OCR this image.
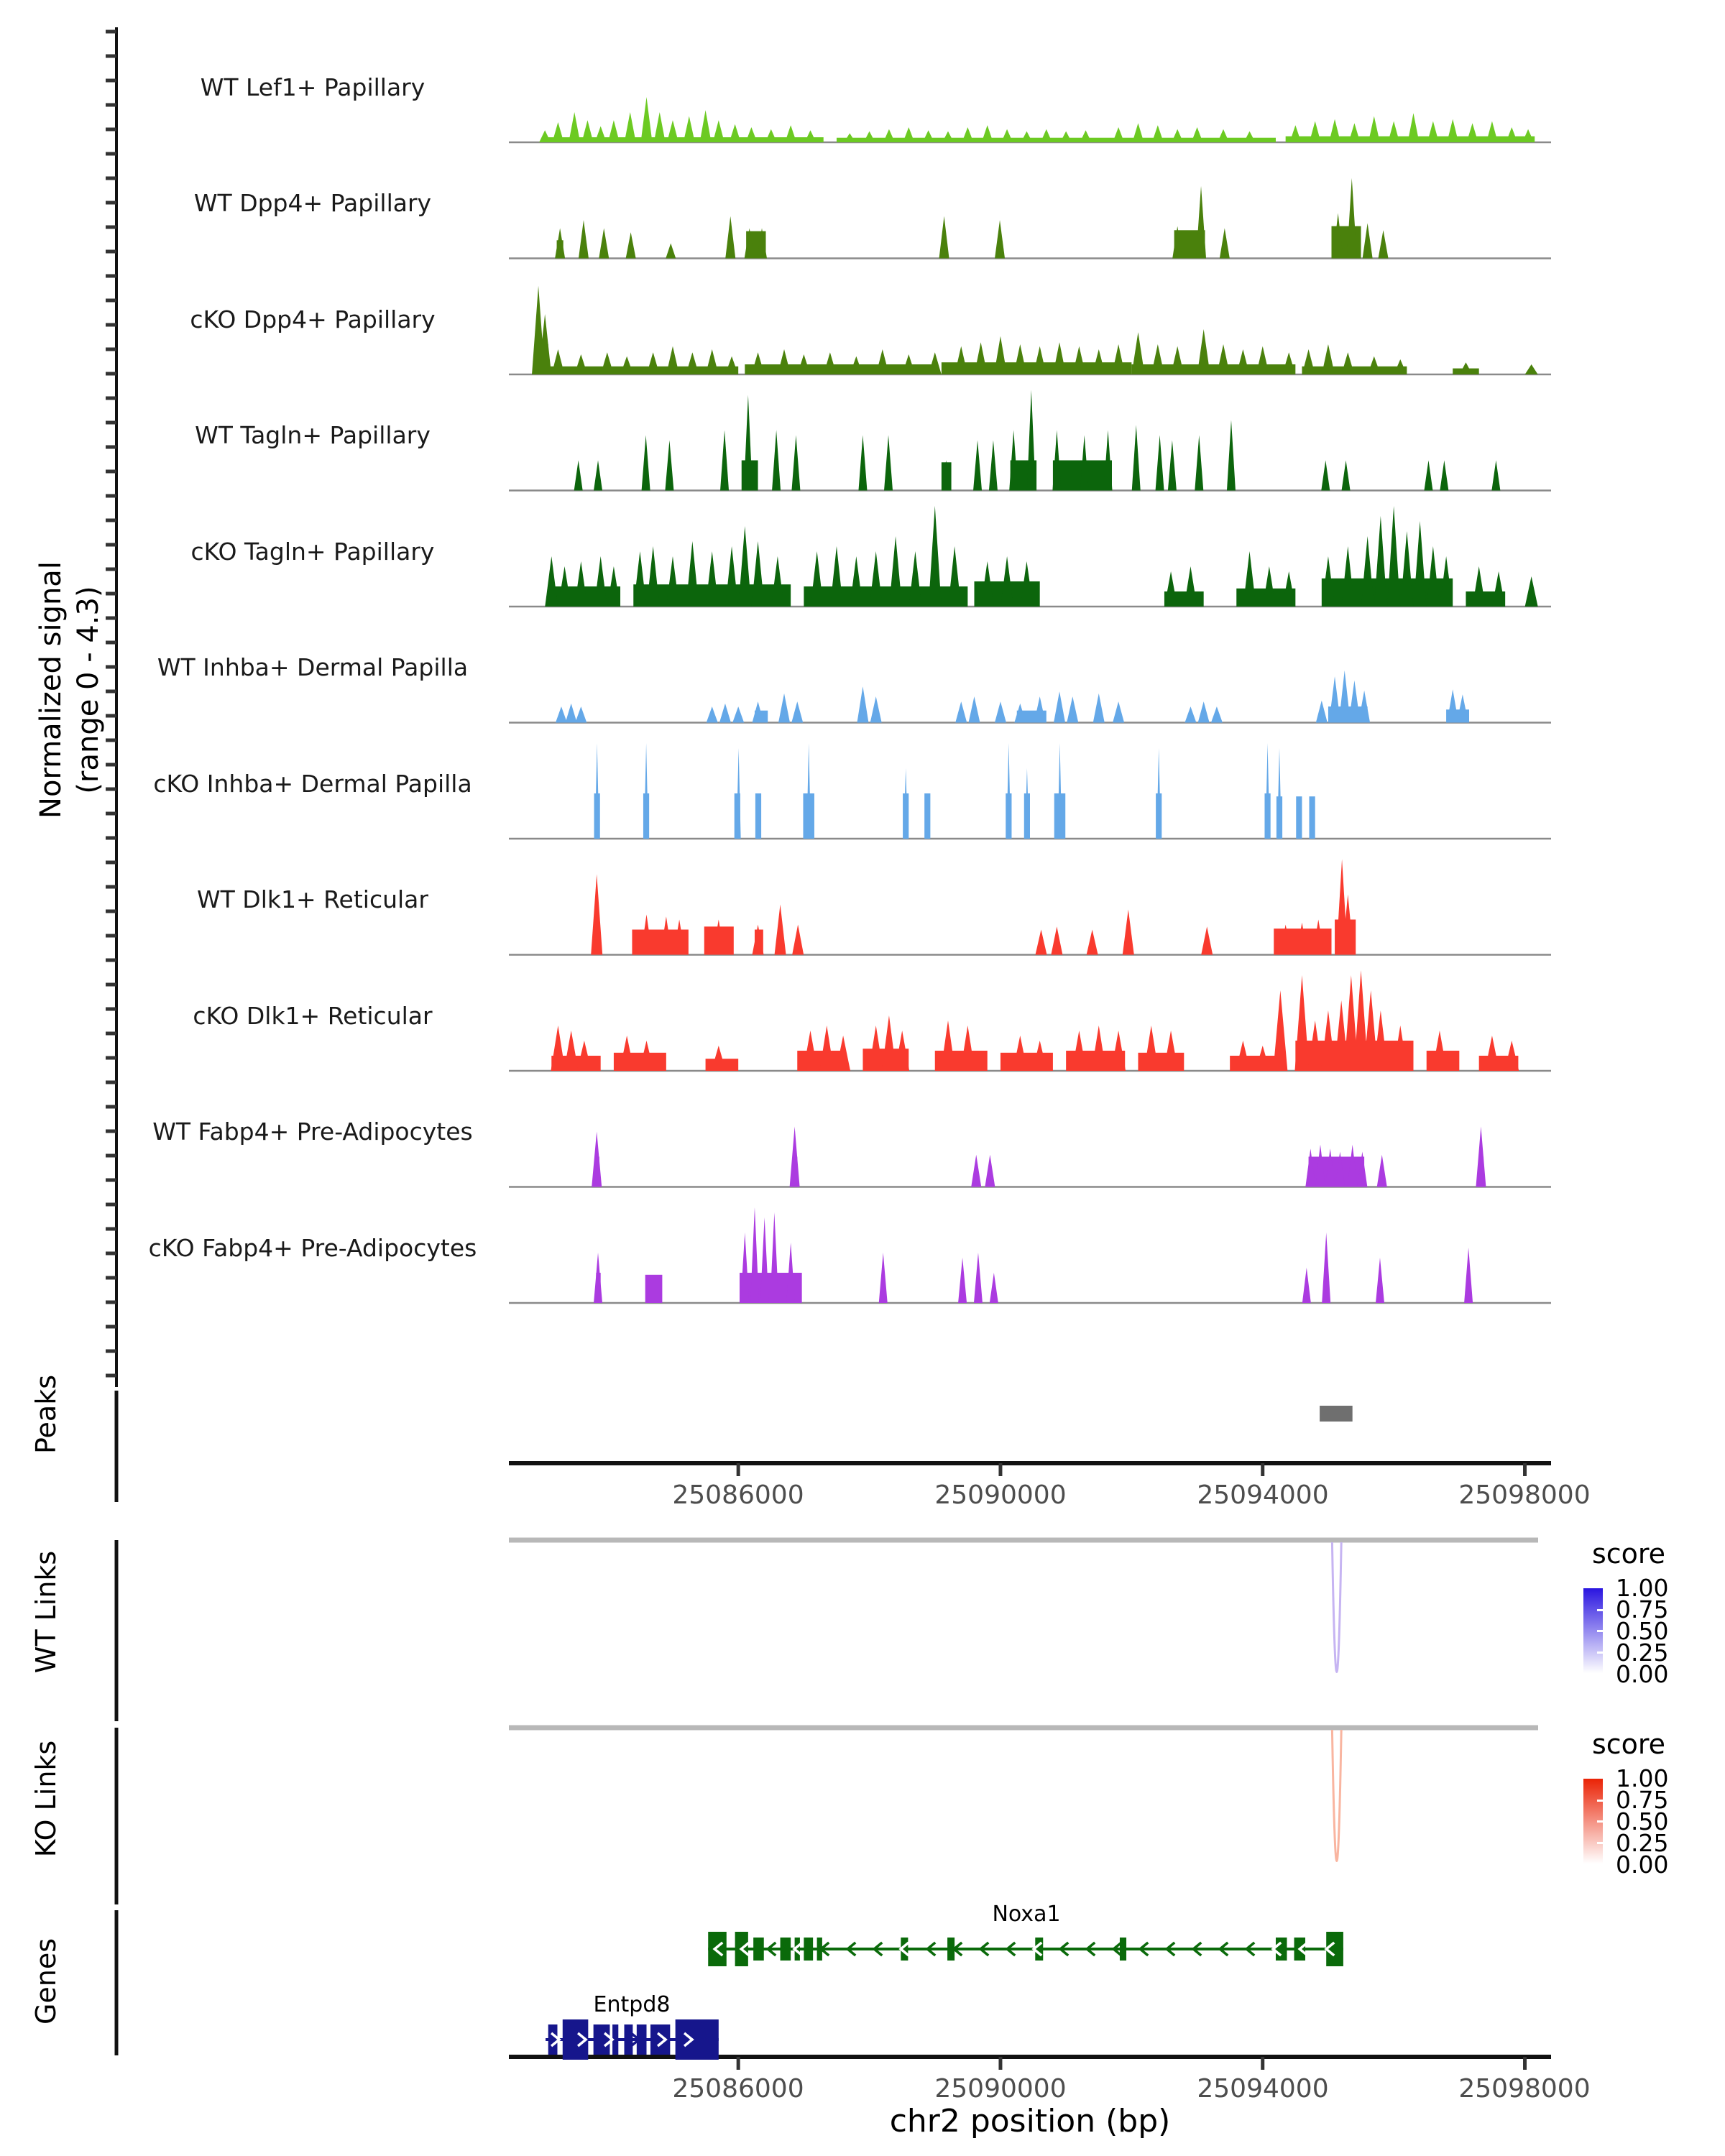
Normalized signal (range 0 - 4.3)
Peaks
WT Links
KO Links
Genes
WT Lef1+ Papillary
WT Dpp4+ Papillary
cKO Dpp4+ Papillary
WT Tagln+ Papillary
cKO Tagln+ Papillary
WT Inhba+ Dermal Papilla
cKO Inhba+ Dermal Papilla
WT Dlk1+ Reticular
cKO Dlk1+ Reticular
WT Fabp4+ Pre-Adipocytes
cKO Fabp4+ Pre-Adipocytes
25086000	25090000	25094000	25098000
25086000	25090000	25094000	25098000
chr2 position (bp)
score
1.00
0.75
0.50
0.25
0.00
score
1.00
0.75
0.50
0.25
0.00
Noxa1
Entpd8
